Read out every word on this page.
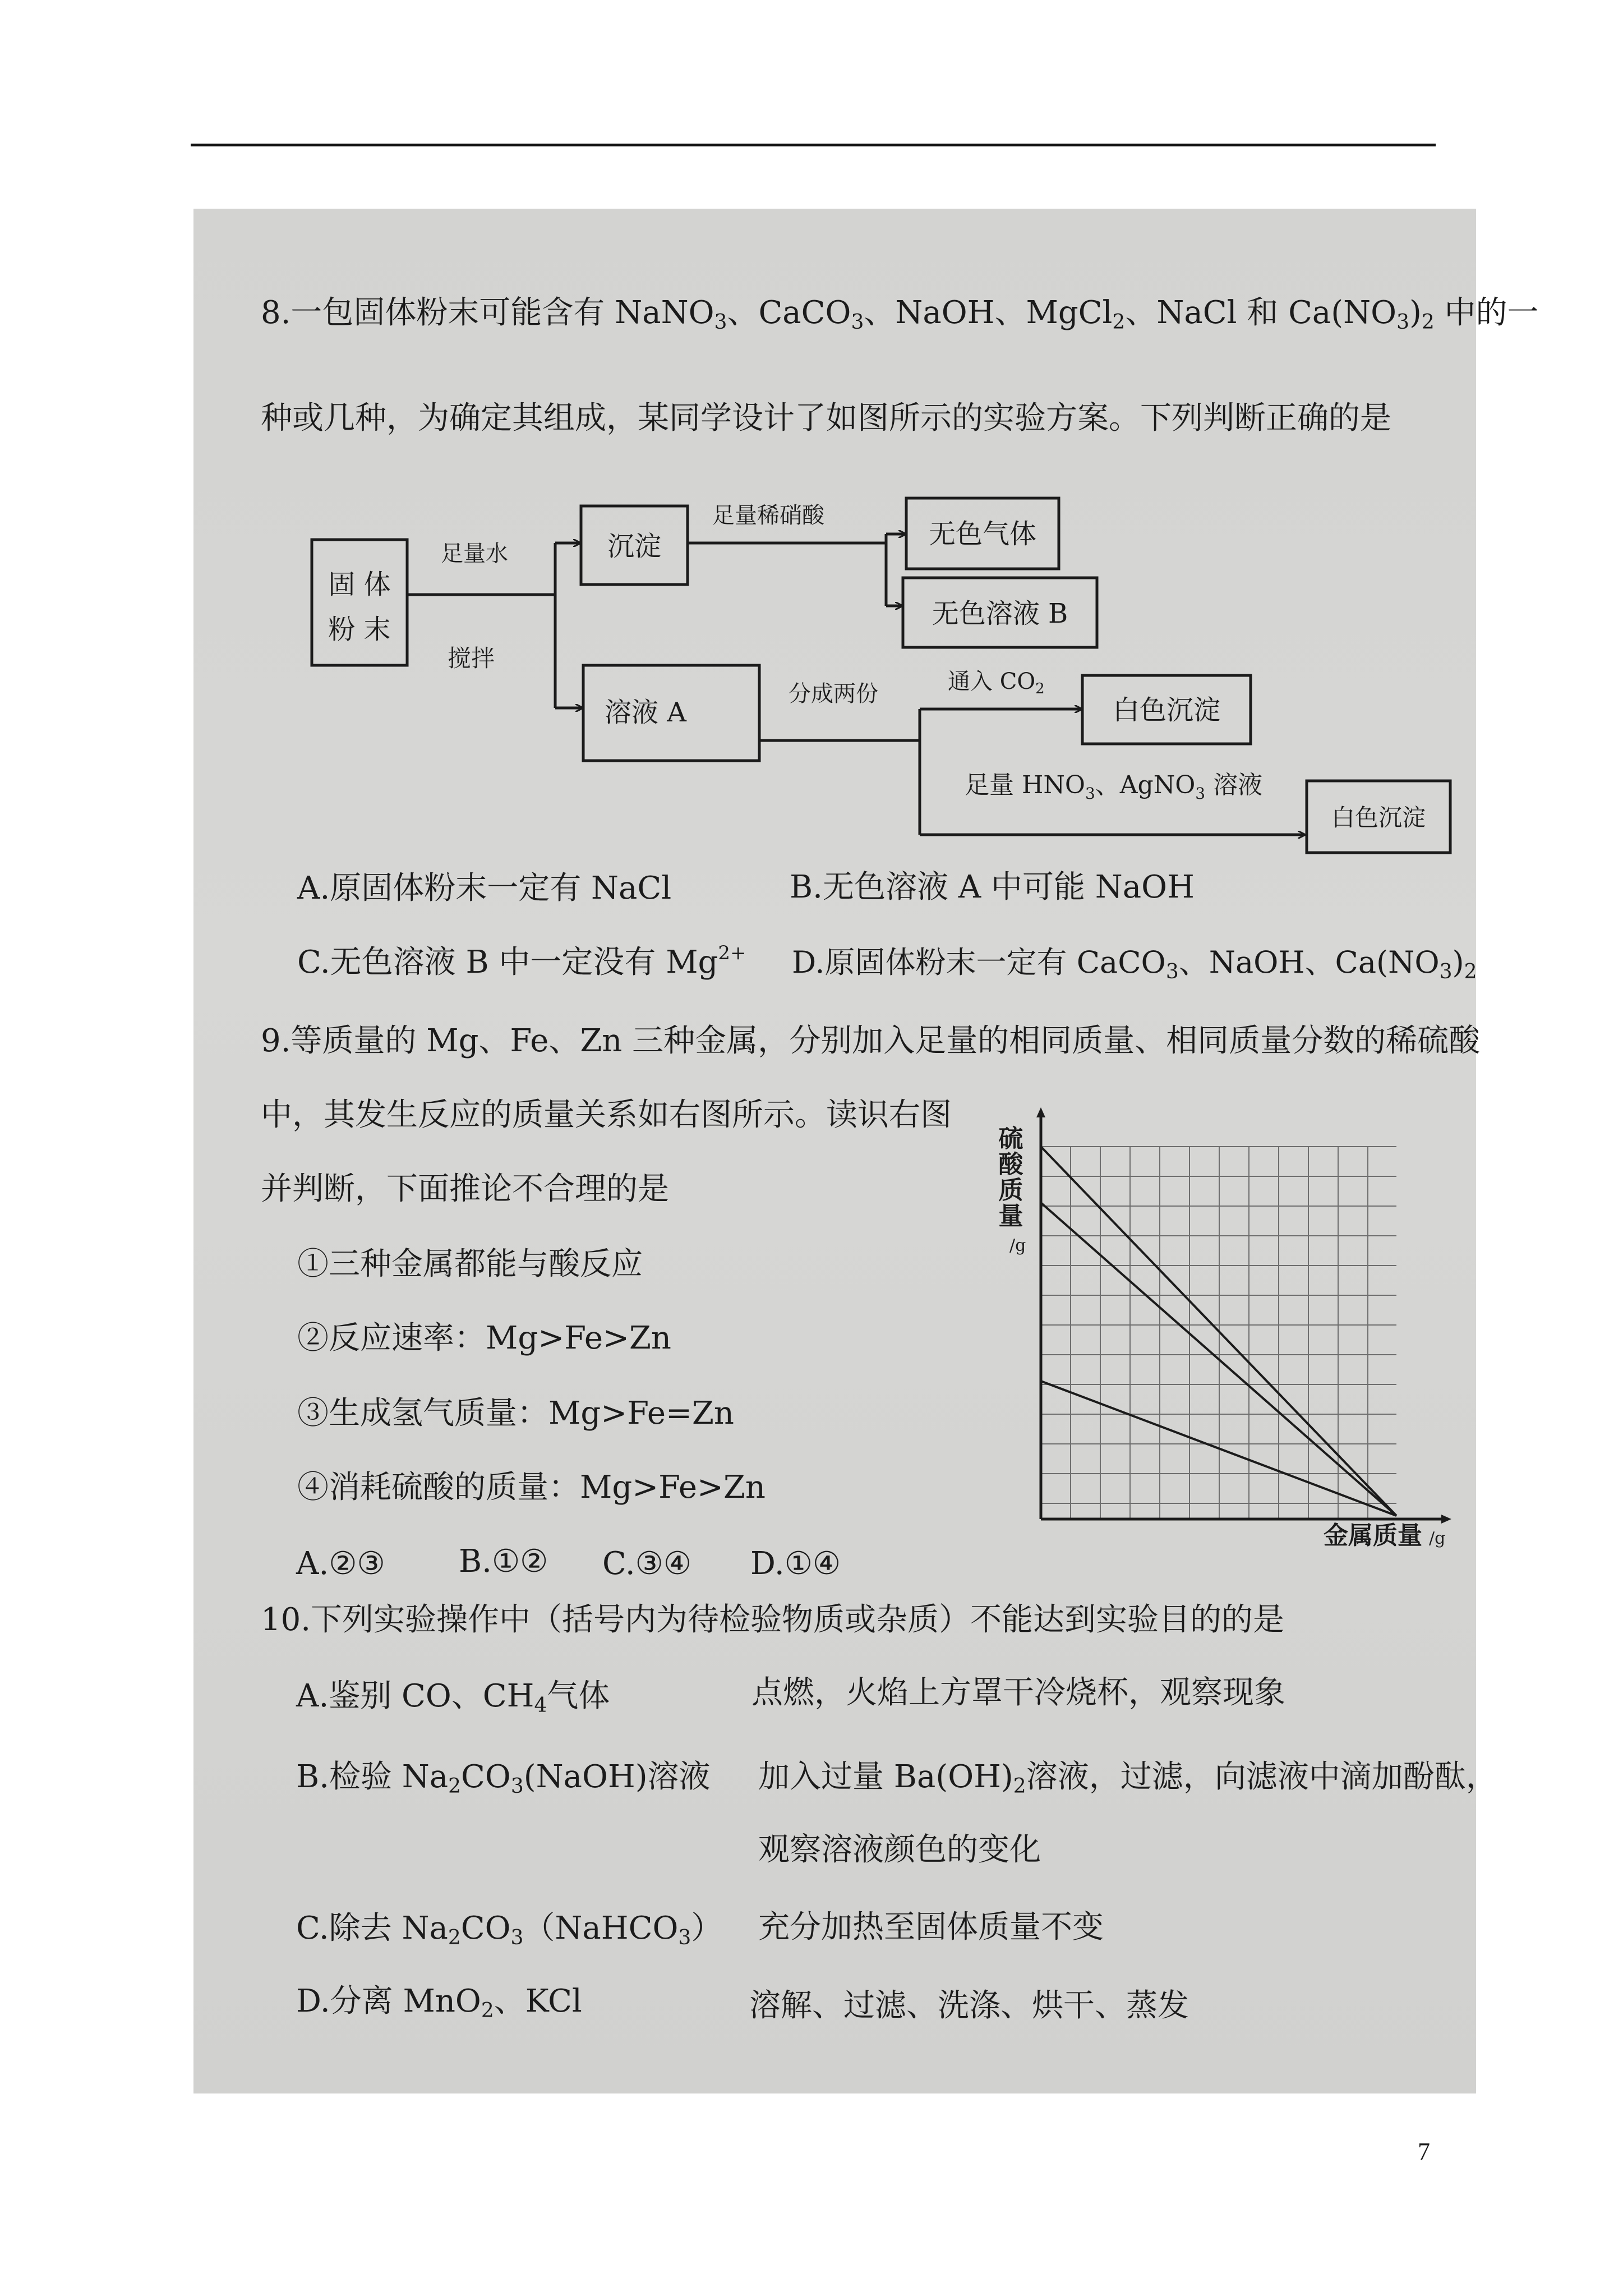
8.一包固体粉末可能含有 NaNO$_3$、CaCO$_3$、NaOH、MgCl$_2$、NaCl 和 $Ca(NO_3)_2$ 中的一
种或几种，为确定其组成，某同学设计了如图所示的实验方案。下列判断正确的是
固 体
粉 末
足量水
搅拌
沉淀
足量稀硝酸
无色气体
无色溶液 B
溶液 A
分成两份	通入 $CO_2$
白色沉淀
足量 $HNO_3$、AgNO$_3$ 溶液
白色沉淀
A.原固体粉末一定有 NaCl	B.无色溶液 A 中可能 NaOH
C.无色溶液 B 中一定没有 $Mg^{2+}$ D.原固体粉末一定有 CaCO$_3$、NaOH、$Ca(NO_3)_2$
9.等质量的 Mg、Fe、Zn 三种金属，分别加入足量的相同质量、相同质量分数的稀硫酸
中，其发生反应的质量关系如右图所示。读识右图
并判断，下面推论不合理的是
①三种金属都能与酸反应
②反应速率：Mg>Fe>Zn
③生成氢气质量：Mg>Fe=Zn
④消耗硫酸的质量：Mg>Fe>Zn
A.②③ B.①② C.③④ D.①④
硫酸质量
/g
金属质量 /g
10.下列实验操作中（括号内为待检验物质或杂质）不能达到实验目的的是
A.鉴别 CO、$CH_4$气体	点燃，火焰上方罩干冷烧杯，观察现象
B.检验 $Na_2CO_3(NaOH)$溶液 加入过量 $Ba(OH)_2$溶液，过滤，向滤液中滴加酚酞，
观察溶液颜色的变化
C.除去 $Na_2CO_3(NaHCO_3)$ 充分加热至固体质量不变
D.分离 MnO$_2$、KCl	溶解、过滤、洗涤、烘干、蒸发
7
